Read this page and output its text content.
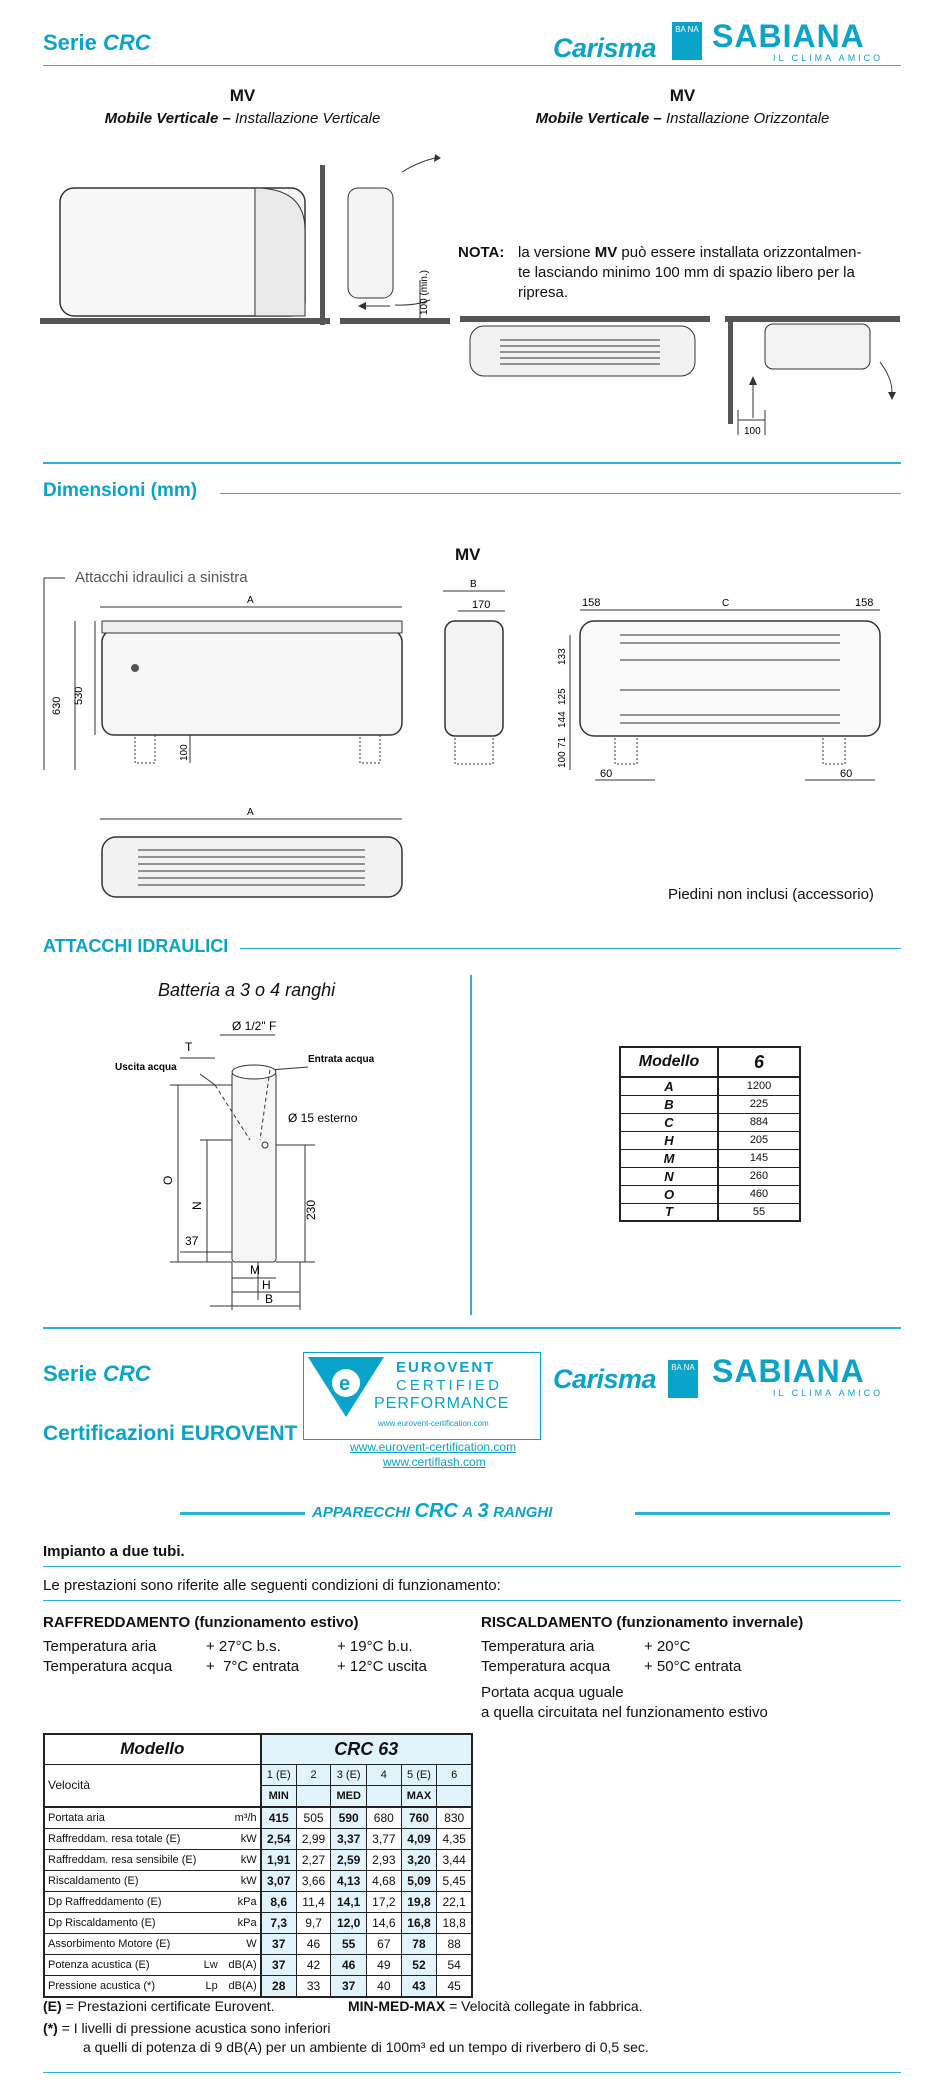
Serie CRC	Carisma
BA NA SABIANA
IL CLIMA AMICO
MV
Mobile Verticale – Installazione Verticale
MV
Mobile Verticale – Installazione Orizzontale
100 (min.)
NOTA: la versione MV può essere installata orizzontalmen-
te lasciando minimo 100 mm di spazio libero per la
ripresa.
100
Dimensioni (mm)
MV
Attacchi idraulici a sinistra
A
630
530
100
B
170	158	C	158
133
125
144
71
100
60	60
A
Piedini non inclusi (accessorio)
ATTACCHI IDRAULICI
Batteria a 3 o 4 ranghi
Ø 1/2" F
T
Uscita acqua
Entrata acqua
Ø 15 esterno
O
N	230
37
M
H
B
Modello	6
A	1200
B	225
C	884
H	205
M	145
N	260
O	460
T	55
Serie CRC
Certificazioni EUROVENT
e
EUROVENT
CERTIFIED
PERFORMANCE
www.eurovent-certification.com
www.eurovent-certification.com
www.certiflash.com
Carisma	BA NA SABIANA
IL CLIMA AMICO
APPARECCHI CRC A 3 RANGHI
Impianto a due tubi.
Le prestazioni sono riferite alle seguenti condizioni di funzionamento:
RAFFREDDAMENTO (funzionamento estivo)
Temperatura aria	+ 27°C b.s.	+ 19°C b.u.
Temperatura acqua +  7°C entrata	+ 12°C uscita
RISCALDAMENTO (funzionamento invernale)
Temperatura aria	+ 20°C
Temperatura acqua + 50°C entrata
Portata acqua uguale
a quella circuitata nel funzionamento estivo
Modello		CRC 63					
Velocità		1 (E)	2	3 (E)	4	5 (E)	6
		MIN		MED		MAX	
Portata aria	m³/h	415	505	590	680	760	830
Raffreddam. resa totale (E)	kW	2,54	2,99	3,37	3,77	4,09	4,35
Raffreddam. resa sensibile (E)	kW	1,91	2,27	2,59	2,93	3,20	3,44
Riscaldamento (E)	kW	3,07	3,66	4,13	4,68	5,09	5,45
Dp Raffreddamento (E)	kPa	8,6	11,4	14,1	17,2	19,8	22,1
Dp Riscaldamento (E)	kPa	7,3	9,7	12,0	14,6	16,8	18,8
Assorbimento Motore (E)	W	37	46	55	67	78	88
Potenza acustica (E) Lw	dB(A)	37	42	46	49	52	54
Pressione acustica (*) Lp	dB(A)	28	33	37	40	43	45
(E) = Prestazioni certificate Eurovent.	MIN-MED-MAX = Velocità collegate in fabbrica.
(*) = I livelli di pressione acustica sono inferiori
a quelli di potenza di 9 dB(A) per un ambiente di 100m³ ed un tempo di riverbero di 0,5 sec.
